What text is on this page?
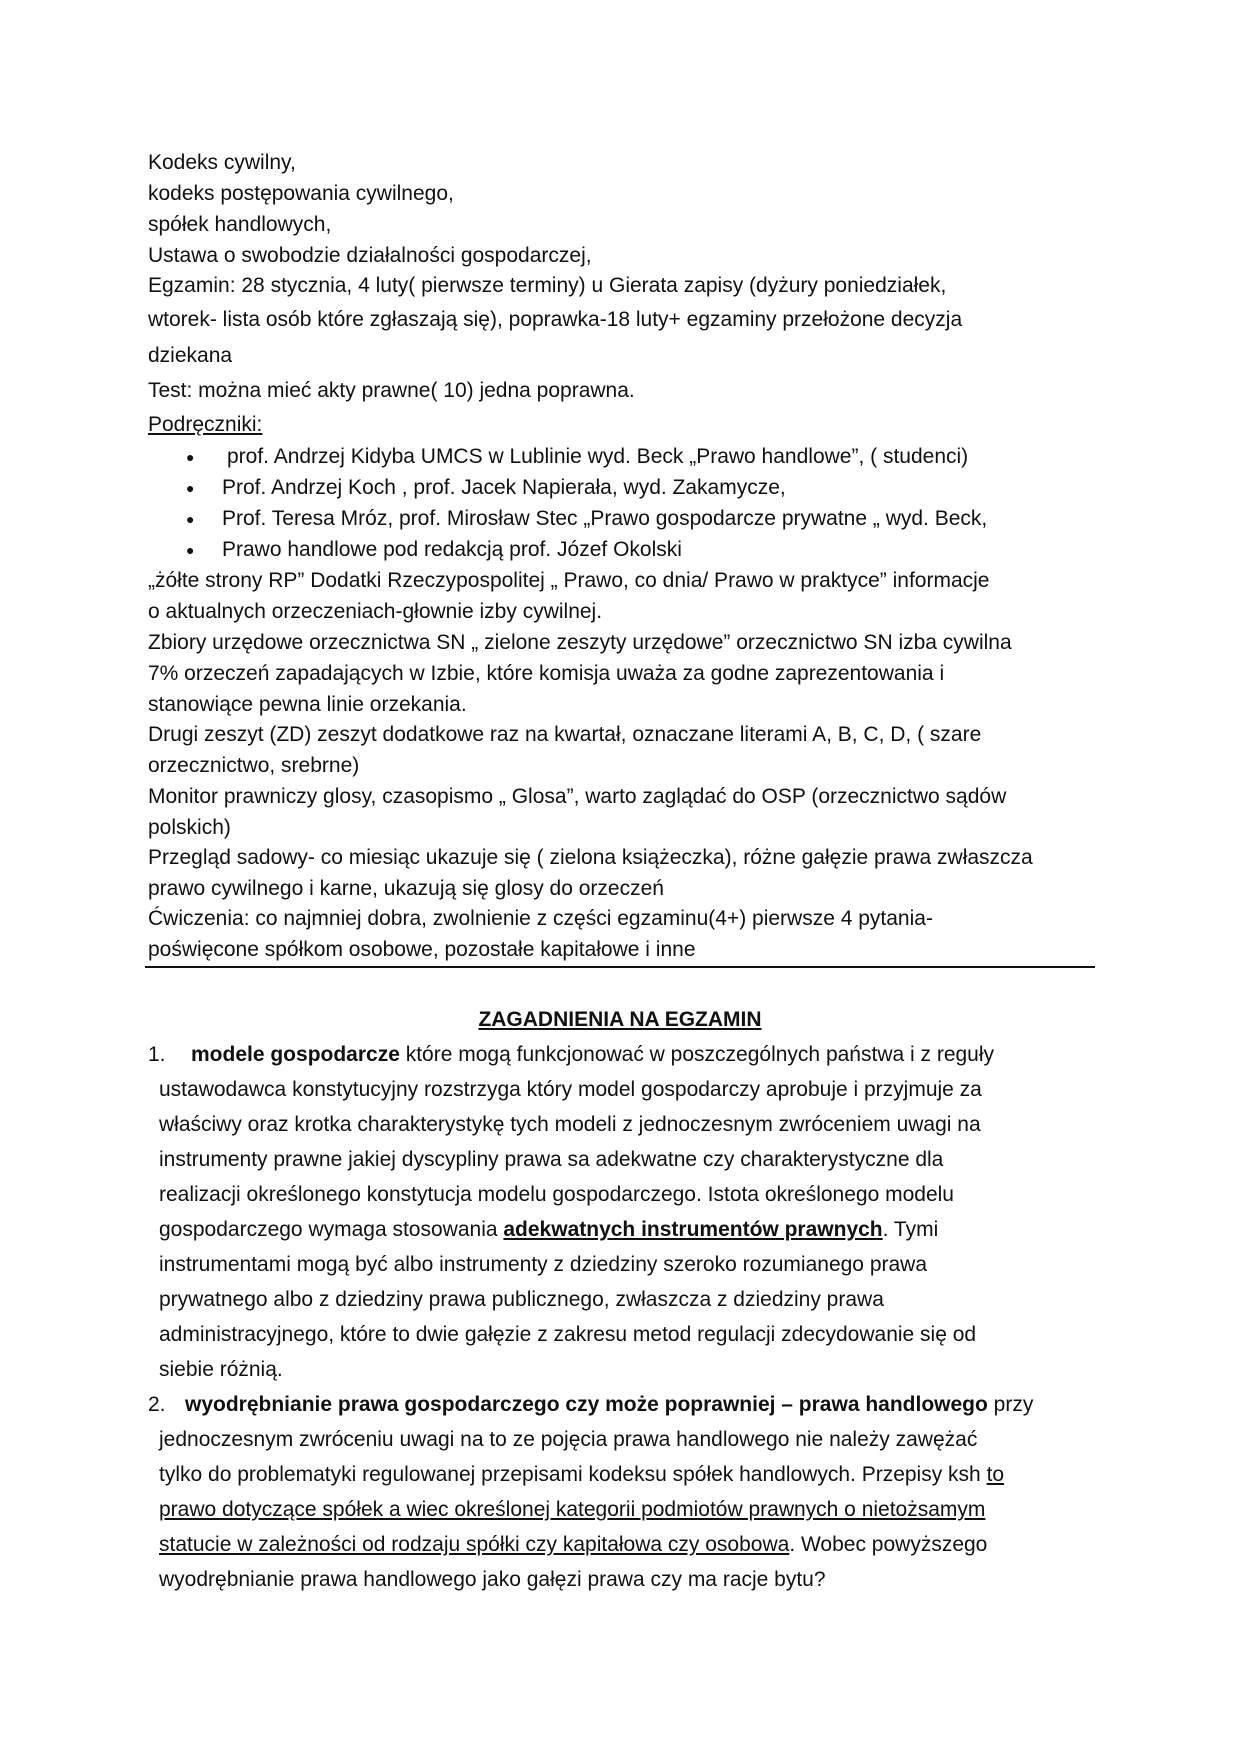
Kodeks cywilny,
kodeks postępowania cywilnego,
spółek handlowych,
Ustawa o swobodzie działalności gospodarczej,
Egzamin: 28 stycznia, 4 luty( pierwsze terminy) u Gierata zapisy (dyżury poniedziałek,
wtorek- lista osób które zgłaszają się), poprawka-18 luty+ egzaminy przełożone decyzja
dziekana
Test: można mieć akty prawne( 10) jedna poprawna.
Podręczniki:
● prof. Andrzej Kidyba UMCS w Lublinie wyd. Beck „Prawo handlowe”, ( studenci)
● Prof. Andrzej Koch , prof. Jacek Napierała, wyd. Zakamycze,
● Prof. Teresa Mróz, prof. Mirosław Stec „Prawo gospodarcze prywatne „ wyd. Beck,
● Prawo handlowe pod redakcją prof. Józef Okolski
„żółte strony RP” Dodatki Rzeczypospolitej „ Prawo, co dnia/ Prawo w praktyce” informacje
o aktualnych orzeczeniach-głownie izby cywilnej.
Zbiory urzędowe orzecznictwa SN „ zielone zeszyty urzędowe” orzecznictwo SN izba cywilna
7% orzeczeń zapadających w Izbie, które komisja uważa za godne zaprezentowania i
stanowiące pewna linie orzekania.
Drugi zeszyt (ZD) zeszyt dodatkowe raz na kwartał, oznaczane literami A, B, C, D, ( szare
orzecznictwo, srebrne)
Monitor prawniczy glosy, czasopismo „ Glosa”, warto zaglądać do OSP (orzecznictwo sądów
polskich)
Przegląd sadowy- co miesiąc ukazuje się ( zielona książeczka), różne gałęzie prawa zwłaszcza
prawo cywilnego i karne, ukazują się glosy do orzeczeń
Ćwiczenia: co najmniej dobra, zwolnienie z części egzaminu(4+) pierwsze 4 pytania-
poświęcone spółkom osobowe, pozostałe kapitałowe i inne
ZAGADNIENIA NA EGZAMIN
1. modele gospodarcze które mogą funkcjonować w poszczególnych państwa i z reguły
ustawodawca konstytucyjny rozstrzyga który model gospodarczy aprobuje i przyjmuje za
właściwy oraz krotka charakterystykę tych modeli z jednoczesnym zwróceniem uwagi na
instrumenty prawne jakiej dyscypliny prawa sa adekwatne czy charakterystyczne dla
realizacji określonego konstytucja modelu gospodarczego. Istota określonego modelu
gospodarczego wymaga stosowania adekwatnych instrumentów prawnych. Tymi
instrumentami mogą być albo instrumenty z dziedziny szeroko rozumianego prawa
prywatnego albo z dziedziny prawa publicznego, zwłaszcza z dziedziny prawa
administracyjnego, które to dwie gałęzie z zakresu metod regulacji zdecydowanie się od
siebie różnią.
2. wyodrębnianie prawa gospodarczego czy może poprawniej – prawa handlowego przy
jednoczesnym zwróceniu uwagi na to ze pojęcia prawa handlowego nie należy zawężać
tylko do problematyki regulowanej przepisami kodeksu spółek handlowych. Przepisy ksh to
prawo dotyczące spółek a wiec określonej kategorii podmiotów prawnych o nietożsamym
statucie w zależności od rodzaju spółki czy kapitałowa czy osobowa. Wobec powyższego
wyodrębnianie prawa handlowego jako gałęzi prawa czy ma racje bytu?
